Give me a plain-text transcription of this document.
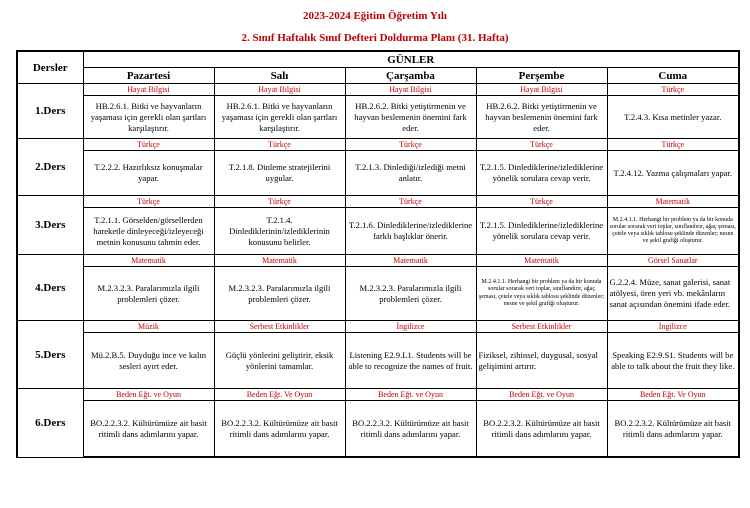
2023-2024 Eğitim Öğretim Yılı
2. Sınıf Haftalık Sınıf Defteri Doldurma Planı (31. Hafta)
Dersler	GÜNLER				
	Pazartesi	Salı	Çarşamba	Perşembe	Cuma
1.Ders	Hayat Bilgisi	Hayat Bilgisi	Hayat Bilgisi	Hayat Bilgisi	Türkçe
	HB.2.6.1. Bitki ve hayvanların yaşaması için gerekli olan şartları karşılaştırır.	HB.2.6.1. Bitki ve hayvanların yaşaması için gerekli olan şartları karşılaştırır.	HB.2.6.2. Bitki yetiştirmenin ve hayvan beslemenin önemini fark eder.	HB.2.6.2. Bitki yetiştirmenin ve hayvan beslemenin önemini fark eder.	T.2.4.3. Kısa metinler yazar.
2.Ders	Türkçe	Türkçe	Türkçe	Türkçe	Türkçe
	T.2.2.2. Hazırlıksız konuşmalar yapar.	T.2.1.8. Dinleme stratejilerini uygular.	T.2.1.3. Dinlediği/izlediği metni anlatır.	T.2.1.5. Dinlediklerine/izlediklerine yönelik sorulara cevap verir.	T.2.4.12. Yazma çalışmaları yapar.
3.Ders	Türkçe	Türkçe	Türkçe	Türkçe	Matematik
	T.2.1.1. Görselden/görsellerden hareketle dinleyeceği/izleyeceği metnin konusunu tahmin eder.	T.2.1.4. Dinlediklerinin/izlediklerinin konusunu belirler.	T.2.1.6. Dinlediklerine/izlediklerine farklı başlıklar önerir.	T.2.1.5. Dinlediklerine/izlediklerine yönelik sorulara cevap verir.	M.2.4.1.1. Herhangi bir problem ya da bir konuda sorular sorarak veri toplar, sınıflandırır, ağaç şeması, çetele veya sıklık tablosu şeklinde düzenler; nesne ve şekil grafiği oluşturur.
4.Ders	Matematik	Matematik	Matematik	Matematik	Görsel Sanatlar
	M.2.3.2.3. Paralarımızla ilgili problemleri çözer.	M.2.3.2.3. Paralarımızla ilgili problemleri çözer.	M.2.3.2.3. Paralarımızla ilgili problemleri çözer.	M.2.4.1.1. Herhangi bir problem ya da bir konuda sorular sorarak veri toplar, sınıflandırır, ağaç şeması, çetele veya sıklık tablosu şeklinde düzenler; nesne ve şekil grafiği oluşturur.	G.2.2.4. Müze, sanat galerisi, sanat atölyesi, ören yeri vb. mekânların sanat açısından önemini ifade eder.
5.Ders	Müzik	Serbest Etkinlikler	İngilizce	Serbest Etkinlikler	İngilizce
	Mü.2.B.5. Duyduğu ince ve kalın sesleri ayırt eder.	Güçlü yönlerini geliştirir, eksik yönlerini tamamlar.	Listening E2.9.L1. Students will be able to recognize the names of fruit.	Fiziksel, zihinsel, duygusal, sosyal gelişimini artırır.	Speaking E2.9.S1. Students will be able to talk about the fruit they like.
6.Ders	Beden Eğt. ve Oyun	Beden Eğt. Ve Oyun	Beden Eğt. ve Oyun	Beden Eğt. ve Oyun	Beden Eğt. Ve Oyun
	BO.2.2.3.2. Kültürümüze ait basit ritimli dans adımlarını yapar.	BO.2.2.3.2. Kültürümüze ait basit ritimli dans adımlarını yapar.	BO.2.2.3.2. Kültürümüze ait basit ritimli dans adımlarını yapar.	BO.2.2.3.2. Kültürümüze ait basit ritimli dans adımlarını yapar.	BO.2.2.3.2. Kültürümüze ait basit ritimli dans adımlarını yapar.
